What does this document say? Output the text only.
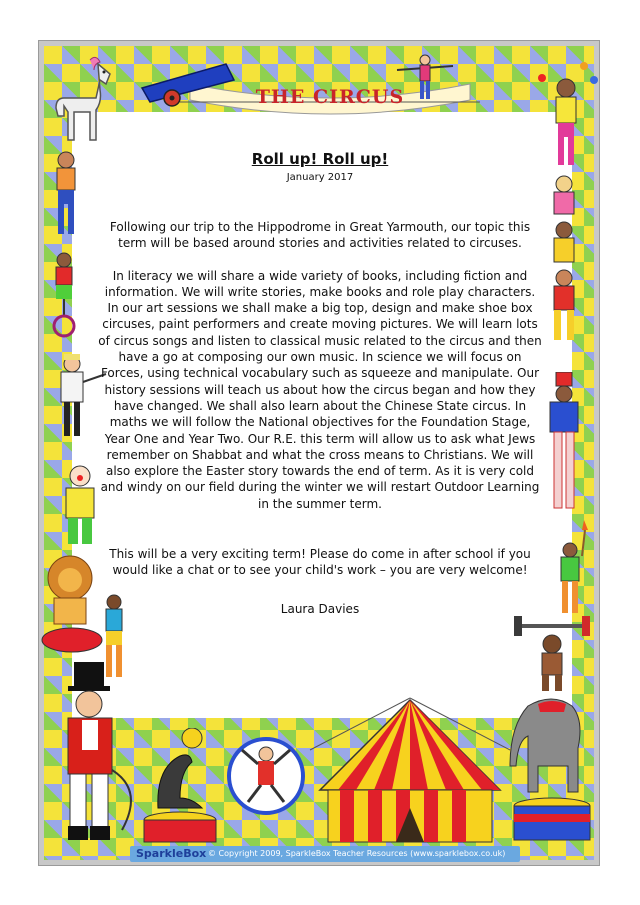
THE CIRCUS

Roll up! Roll up!

January 2017

Following our trip to the Hippodrome in Great Yarmouth, our topic this term will be based around stories and activities related to circuses.

In literacy we will share a wide variety of books, including fiction and information. We will write stories, make books and role play characters. In our art sessions we shall make a big top, design and make shoe box circuses, paint performers and create moving pictures. We will learn lots of circus songs and listen to classical music related to the circus and then have a go at composing our own music. In science we will focus on Forces, using technical vocabulary such as squeeze and manipulate. Our history sessions will teach us about how the circus began and how they have changed. We shall also learn about the Chinese State circus. In maths we will follow the National objectives for the Foundation Stage, Year One and Year Two. Our R.E. this term will allow us to ask what Jews remember on Shabbat and what the cross means to Christians. We will also explore the Easter story towards the end of term. As it is very cold and windy on our field during the winter we will restart Outdoor Learning in the summer term.

This will be a very exciting term! Please do come in after school if you would like a chat or to see your child's work – you are very welcome!

Laura Davies

SparkleBox © Copyright 2009, SparkleBox Teacher Resources (www.sparklebox.co.uk)
